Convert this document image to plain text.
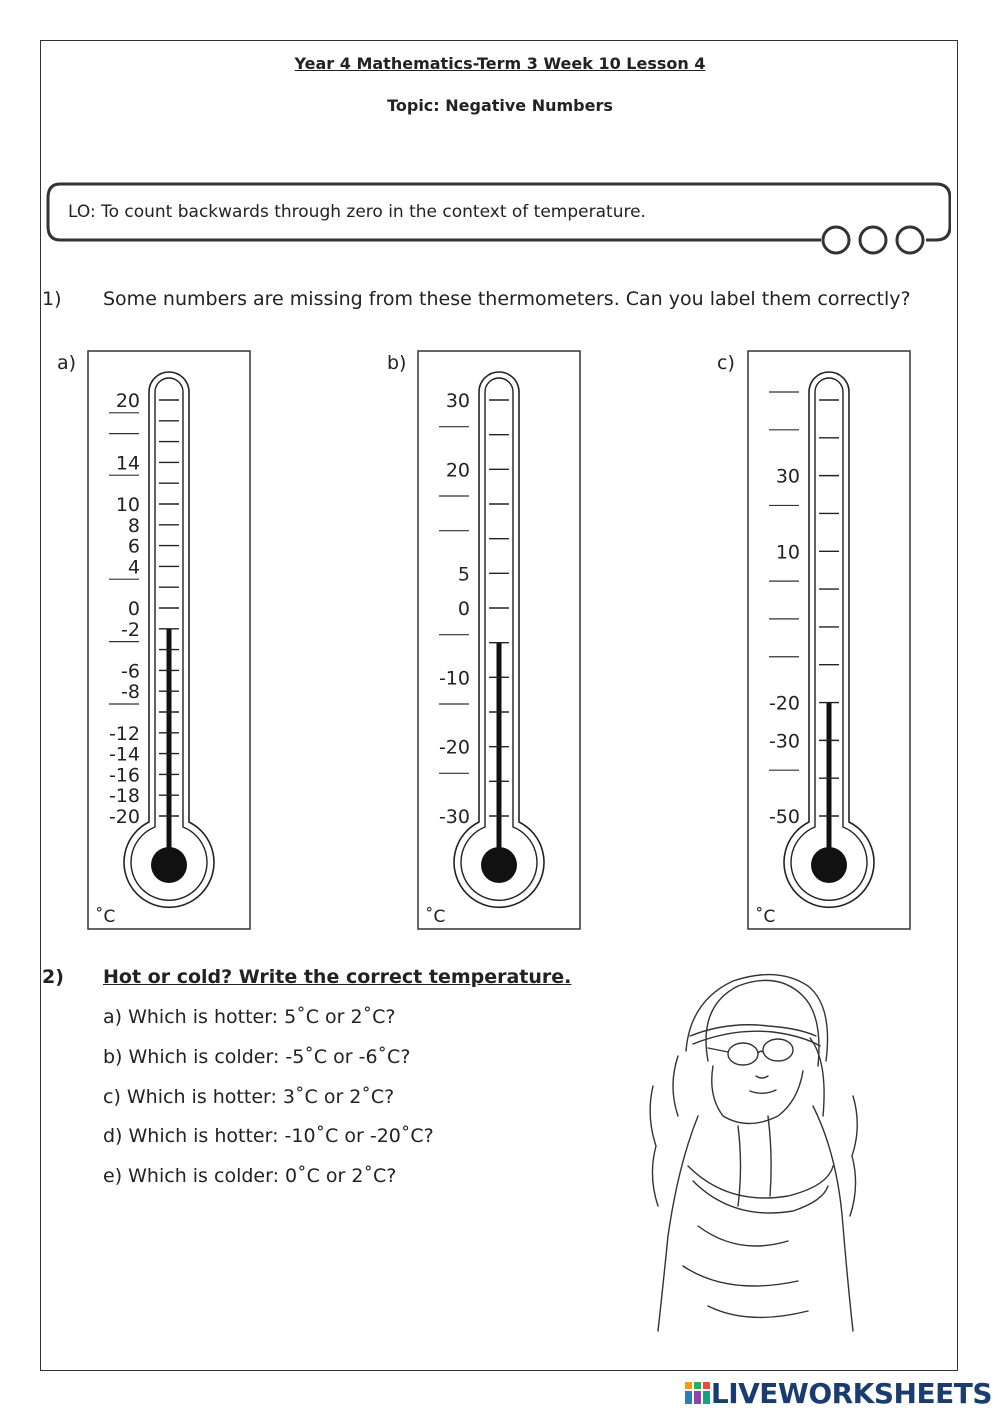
Year 4 Mathematics-Term 3 Week 10 Lesson 4
Topic: Negative Numbers
LO: To count backwards through zero in the context of temperature.
1) Some numbers are missing from these thermometers. Can you label them correctly?
a)	b)	c)
20
14
10
8
6
4
0
-2
-6
-8
-12
-14
-16
-18
-20
˚C
30
20
5
0
-10
-20
-30
˚C
30
10
-20
-30
-50
˚C
2) Hot or cold? Write the correct temperature.
a) Which is hotter: 5˚C or 2˚C?
b) Which is colder: -5˚C or -6˚C?
c) Which is hotter: 3˚C or 2˚C?
d) Which is hotter: -10˚C or -20˚C?
e) Which is colder: 0˚C or 2˚C?
LIVEWORKSHEETS
